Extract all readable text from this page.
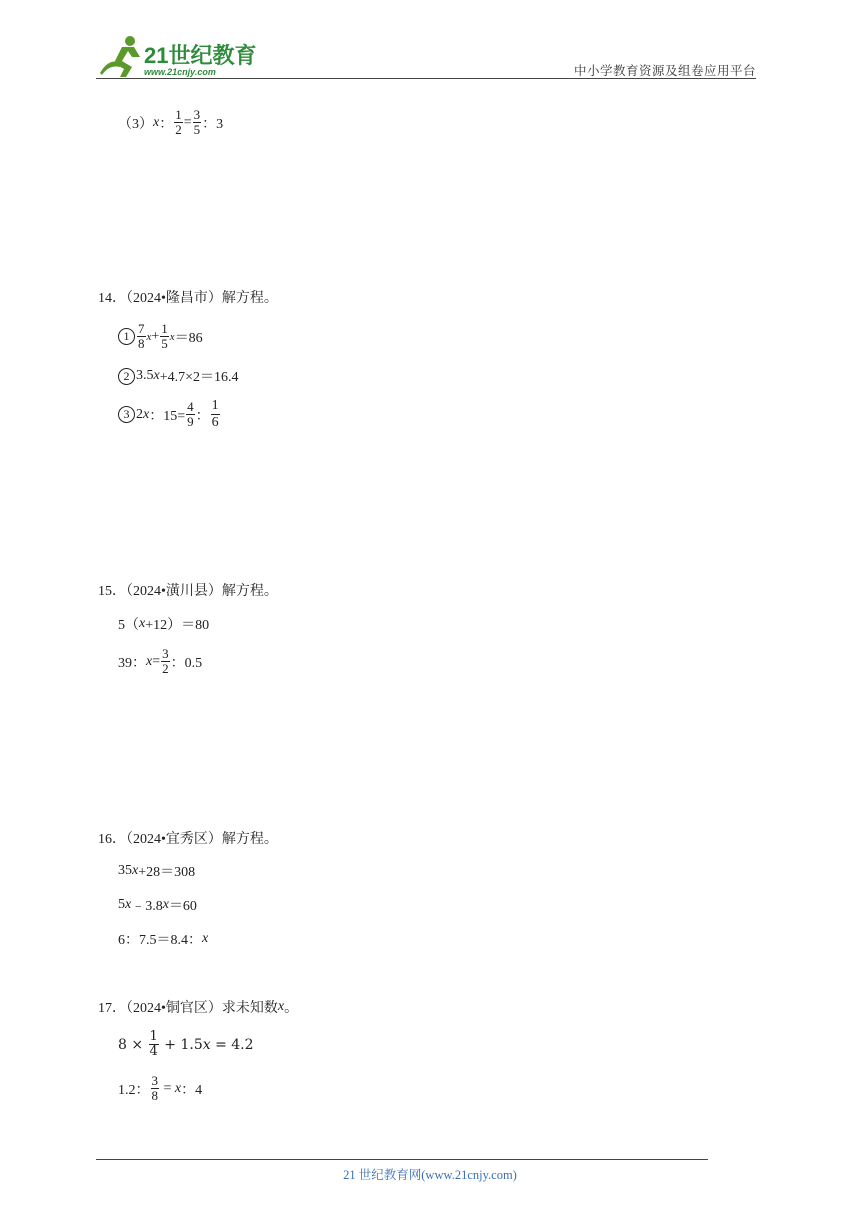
21世纪教育
www.21cnjy.com	中小学教育资源及组卷应用平台
（3） x ： $\frac{1}{2} = \frac{3}{5}$ ：3
14．（2024•隆昌市）解方程。
$1 \frac{7}{8}$ $x + \frac{1}{5}$ x ＝86
2 3.5 x +4.7×2＝16.4
3 2 x ：$15= \frac{4}{9}$ ： $\frac{1}{6}$
15．（2024•潢川县）解方程。
5（ x +12）＝80
39： $x = \frac{3}{2}$ ：0.5
16．（2024•宜秀区）解方程。
35 x +28＝308
5 x ﹣3.8 x ＝60
6：7.5＝8.4： x
17．（2024•铜官区）求未知数 x 。
$8 \times \frac{1}{4} + 1.5$ x = 4.2
1.2： $\frac{3}{8} = x$ ：4
21 世纪教育网(www.21cnjy.com)
